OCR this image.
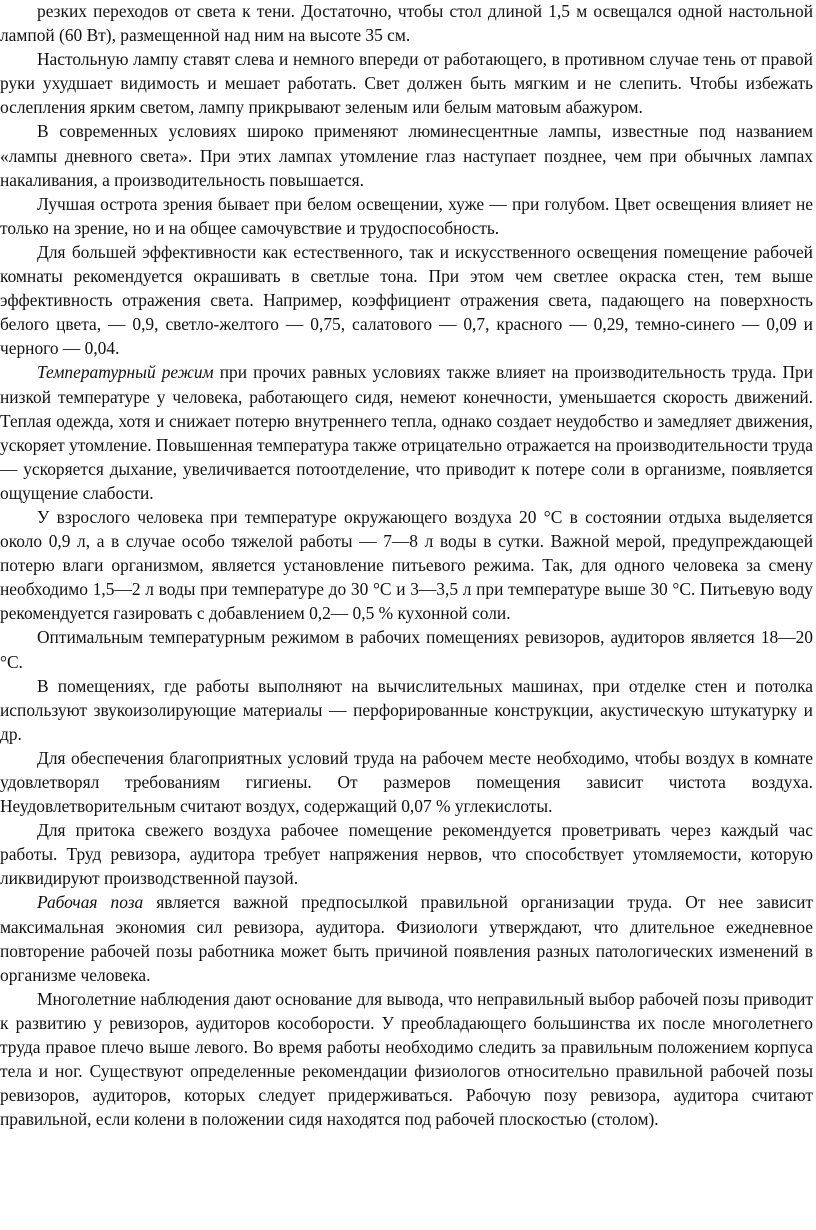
резких переходов от света к тени. Достаточно, чтобы стол длиной 1,5 м освещался одной настольной лампой (60 Вт), размещенной над ним на высоте 35 см.

Настольную лампу ставят слева и немного впереди от работающего, в противном случае тень от правой руки ухудшает видимость и мешает работать. Свет должен быть мягким и не слепить. Чтобы избежать ослепления ярким светом, лампу прикрывают зеленым или белым матовым абажуром.

В современных условиях широко применяют люминесцентные лампы, известные под названием «лампы дневного света». При этих лампах утомление глаз наступает позднее, чем при обычных лампах накаливания, а производительность повышается.

Лучшая острота зрения бывает при белом освещении, хуже — при голубом. Цвет освещения влияет не только на зрение, но и на общее самочувствие и трудоспособность.

Для большей эффективности как естественного, так и искусственного освещения помещение рабочей комнаты рекомендуется окрашивать в светлые тона. При этом чем светлее окраска стен, тем выше эффективность отражения света. Например, коэффициент отражения света, падающего на поверхность белого цвета, — 0,9, светло-желтого — 0,75, салатового — 0,7, красного — 0,29, темно-синего — 0,09 и черного — 0,04.

Температурный режим при прочих равных условиях также влияет на производительность труда. При низкой температуре у человека, работающего сидя, немеют конечности, уменьшается скорость движений. Теплая одежда, хотя и снижает потерю внутреннего тепла, однако создает неудобство и замедляет движения, ускоряет утомление. Повышенная температура также отрицательно отражается на производительности труда — ускоряется дыхание, увеличивается потоотделение, что приводит к потере соли в организме, появляется ощущение слабости.

У взрослого человека при температуре окружающего воздуха 20 °С в состоянии отдыха выделяется около 0,9 л, а в случае особо тяжелой работы — 7—8 л воды в сутки. Важной мерой, предупреждающей потерю влаги организмом, является установление питьевого режима. Так, для одного человека за смену необходимо 1,5—2 л воды при температуре до 30 °С и 3—3,5 л при температуре выше 30 °С. Питьевую воду рекомендуется газировать с добавлением 0,2— 0,5 % кухонной соли.

Оптимальным температурным режимом в рабочих помещениях ревизоров, аудиторов является 18—20 °С.

В помещениях, где работы выполняют на вычислительных машинах, при отделке стен и потолка используют звукоизолирующие материалы — перфорированные конструкции, акустическую штукатурку и др.

Для обеспечения благоприятных условий труда на рабочем месте необходимо, чтобы воздух в комнате удовлетворял требованиям гигиены. От размеров помещения зависит чистота воздуха. Неудовлетворительным считают воздух, содержащий 0,07 % углекислоты.

Для притока свежего воздуха рабочее помещение рекомендуется проветривать через каждый час работы. Труд ревизора, аудитора требует напряжения нервов, что способствует утомляемости, которую ликвидируют производственной паузой.

Рабочая поза является важной предпосылкой правильной организации труда. От нее зависит максимальная экономия сил ревизора, аудитора. Физиологи утверждают, что длительное ежедневное повторение рабочей позы работника может быть причиной появления разных патологических изменений в организме человека.

Многолетние наблюдения дают основание для вывода, что неправильный выбор рабочей позы приводит к развитию у ревизоров, аудиторов кособорости. У преобладающего большинства их после многолетнего труда правое плечо выше левого. Во время работы необходимо следить за правильным положением корпуса тела и ног. Существуют определенные рекомендации физиологов относительно правильной рабочей позы ревизоров, аудиторов, которых следует придерживаться. Рабочую позу ревизора, аудитора считают правильной, если колени в положении сидя находятся под рабочей плоскостью (столом).
